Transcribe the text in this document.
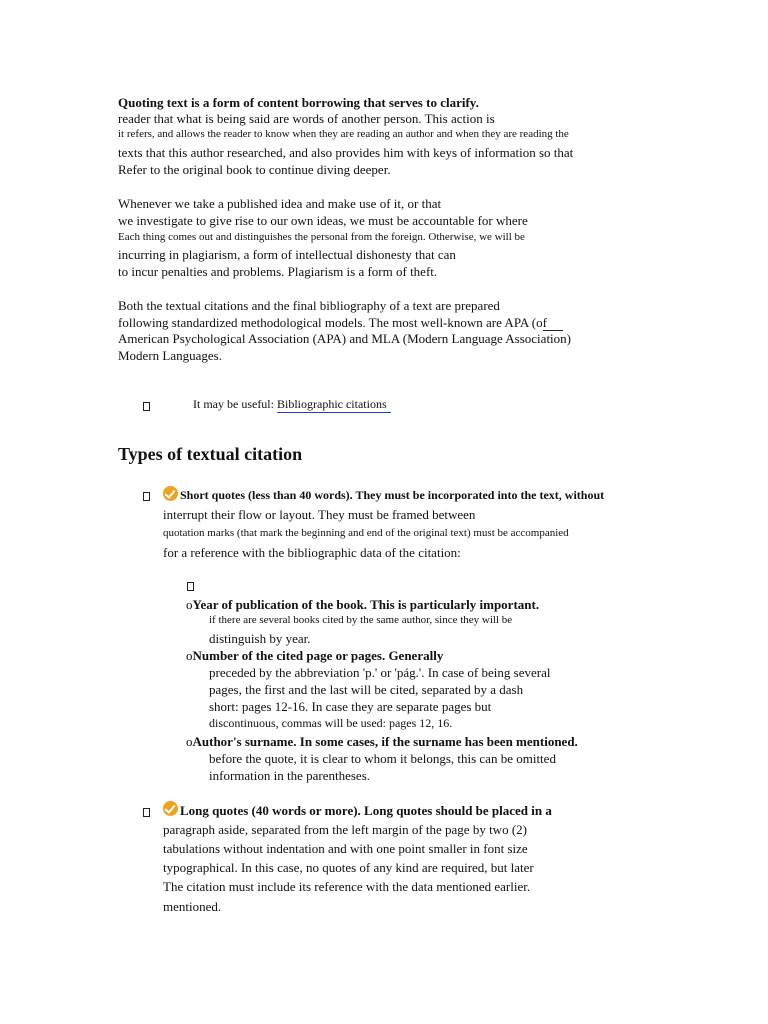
Quoting text is a form of content borrowing that serves to clarify.
reader that what is being said are words of another person. This action is
it refers, and allows the reader to know when they are reading an author and when they are reading the
texts that this author researched, and also provides him with keys of information so that
Refer to the original book to continue diving deeper.
Whenever we take a published idea and make use of it, or that
we investigate to give rise to our own ideas, we must be accountable for where
Each thing comes out and distinguishes the personal from the foreign. Otherwise, we will be
incurring in plagiarism, a form of intellectual dishonesty that can
to incur penalties and problems. Plagiarism is a form of theft.
Both the textual citations and the final bibliography of a text are prepared
following standardized methodological models. The most well-known are APA (of
American Psychological Association (APA) and MLA (Modern Language Association)
Modern Languages.
It may be useful: Bibliographic citations
Types of textual citation
Short quotes (less than 40 words). They must be incorporated into the text, without
interrupt their flow or layout. They must be framed between
quotation marks (that mark the beginning and end of the original text) must be accompanied
for a reference with the bibliographic data of the citation:
oYear of publication of the book. This is particularly important.
if there are several books cited by the same author, since they will be
distinguish by year.
oNumber of the cited page or pages. Generally
preceded by the abbreviation 'p.' or 'pág.'. In case of being several
pages, the first and the last will be cited, separated by a dash
short: pages 12-16. In case they are separate pages but
discontinuous, commas will be used: pages 12, 16.
oAuthor's surname. In some cases, if the surname has been mentioned.
before the quote, it is clear to whom it belongs, this can be omitted
information in the parentheses.
Long quotes (40 words or more). Long quotes should be placed in a
paragraph aside, separated from the left margin of the page by two (2)
tabulations without indentation and with one point smaller in font size
typographical. In this case, no quotes of any kind are required, but later
The citation must include its reference with the data mentioned earlier.
mentioned.
